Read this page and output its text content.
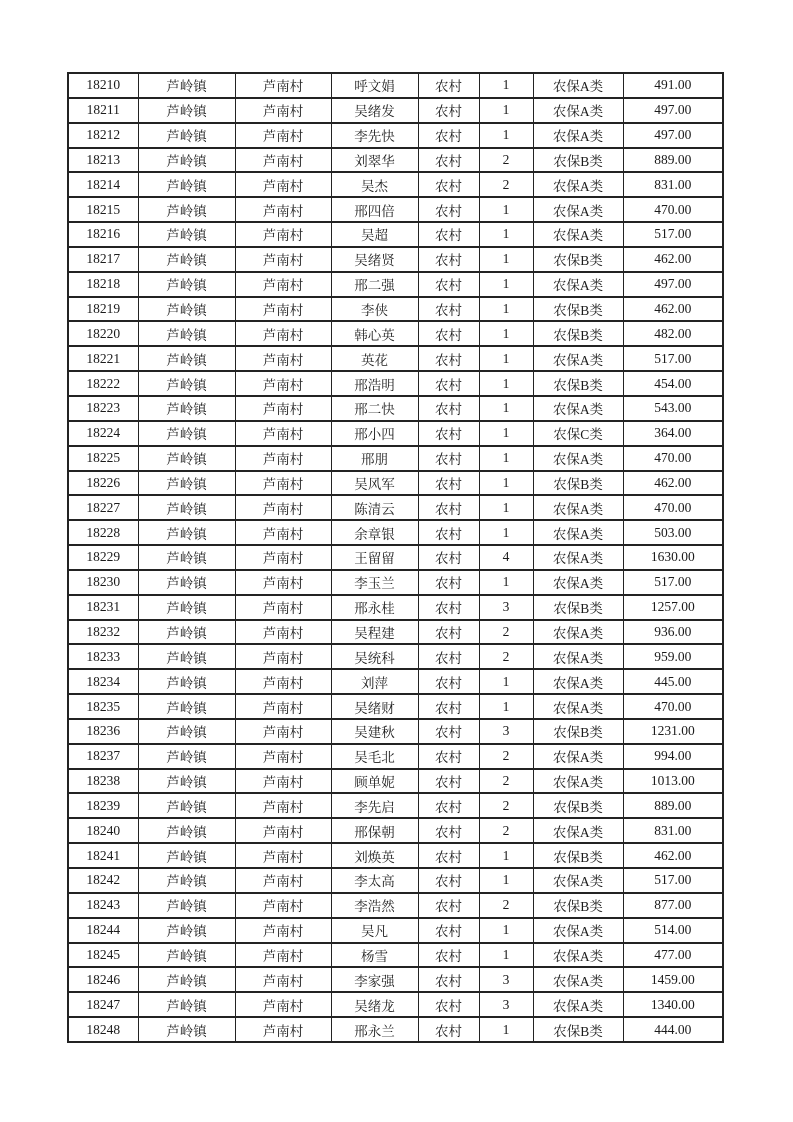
18210	芦岭镇	芦南村	呼文娟	农村	1	农保A类	491.00
18211	芦岭镇	芦南村	吴绪发	农村	1	农保A类	497.00
18212	芦岭镇	芦南村	李先快	农村	1	农保A类	497.00
18213	芦岭镇	芦南村	刘翠华	农村	2	农保B类	889.00
18214	芦岭镇	芦南村	吴杰	农村	2	农保A类	831.00
18215	芦岭镇	芦南村	邢四倍	农村	1	农保A类	470.00
18216	芦岭镇	芦南村	吴超	农村	1	农保A类	517.00
18217	芦岭镇	芦南村	吴绪贤	农村	1	农保B类	462.00
18218	芦岭镇	芦南村	邢二强	农村	1	农保A类	497.00
18219	芦岭镇	芦南村	李侠	农村	1	农保B类	462.00
18220	芦岭镇	芦南村	韩心英	农村	1	农保B类	482.00
18221	芦岭镇	芦南村	英花	农村	1	农保A类	517.00
18222	芦岭镇	芦南村	邢浩明	农村	1	农保B类	454.00
18223	芦岭镇	芦南村	邢二快	农村	1	农保A类	543.00
18224	芦岭镇	芦南村	邢小四	农村	1	农保C类	364.00
18225	芦岭镇	芦南村	邢朋	农村	1	农保A类	470.00
18226	芦岭镇	芦南村	吴风军	农村	1	农保B类	462.00
18227	芦岭镇	芦南村	陈清云	农村	1	农保A类	470.00
18228	芦岭镇	芦南村	余章银	农村	1	农保A类	503.00
18229	芦岭镇	芦南村	王留留	农村	4	农保A类	1630.00
18230	芦岭镇	芦南村	李玉兰	农村	1	农保A类	517.00
18231	芦岭镇	芦南村	邢永桂	农村	3	农保B类	1257.00
18232	芦岭镇	芦南村	吴程建	农村	2	农保A类	936.00
18233	芦岭镇	芦南村	吴统科	农村	2	农保A类	959.00
18234	芦岭镇	芦南村	刘萍	农村	1	农保A类	445.00
18235	芦岭镇	芦南村	吴绪财	农村	1	农保A类	470.00
18236	芦岭镇	芦南村	吴建秋	农村	3	农保B类	1231.00
18237	芦岭镇	芦南村	吴毛北	农村	2	农保A类	994.00
18238	芦岭镇	芦南村	顾单妮	农村	2	农保A类	1013.00
18239	芦岭镇	芦南村	李先启	农村	2	农保B类	889.00
18240	芦岭镇	芦南村	邢保朝	农村	2	农保A类	831.00
18241	芦岭镇	芦南村	刘焕英	农村	1	农保B类	462.00
18242	芦岭镇	芦南村	李太高	农村	1	农保A类	517.00
18243	芦岭镇	芦南村	李浩然	农村	2	农保B类	877.00
18244	芦岭镇	芦南村	吴凡	农村	1	农保A类	514.00
18245	芦岭镇	芦南村	杨雪	农村	1	农保A类	477.00
18246	芦岭镇	芦南村	李家强	农村	3	农保A类	1459.00
18247	芦岭镇	芦南村	吴绪龙	农村	3	农保A类	1340.00
18248	芦岭镇	芦南村	邢永兰	农村	1	农保B类	444.00
